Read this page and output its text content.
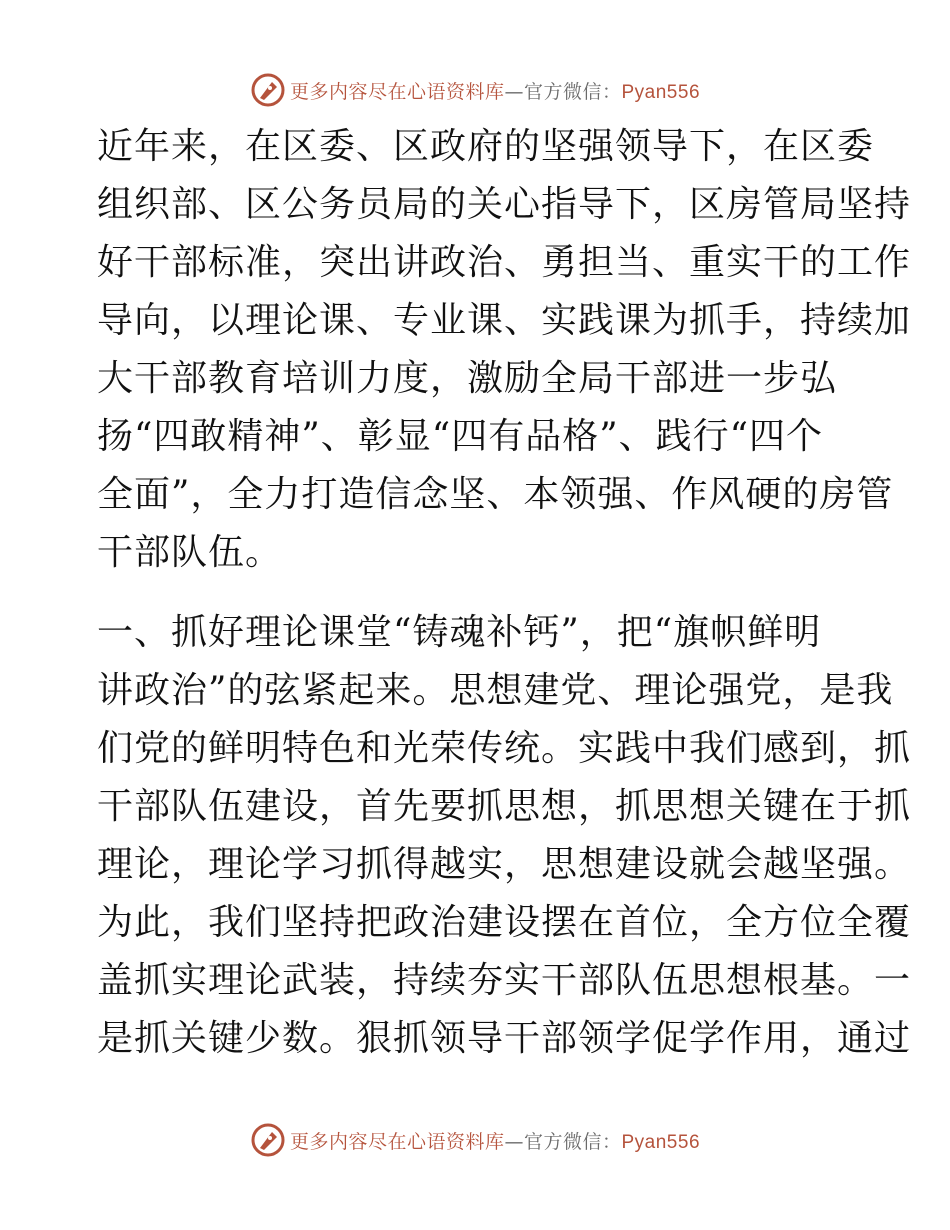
更多内容尽在心语资料库—官方微信：Pyan556
近年来，在区委、区政府的坚强领导下，在区委
组织部、区公务员局的关心指导下，区房管局坚持
好干部标准，突出讲政治、勇担当、重实干的工作
导向，以理论课、专业课、实践课为抓手，持续加
大干部教育培训力度，激励全局干部进一步弘
扬“四敢精神”、彰显“四有品格”、践行“四个
全面”，全力打造信念坚、本领强、作风硬的房管
干部队伍。
一、抓好理论课堂“铸魂补钙”，把“旗帜鲜明
讲政治”的弦紧起来。思想建党、理论强党，是我
们党的鲜明特色和光荣传统。实践中我们感到，抓
干部队伍建设，首先要抓思想，抓思想关键在于抓
理论，理论学习抓得越实，思想建设就会越坚强。
为此，我们坚持把政治建设摆在首位，全方位全覆
盖抓实理论武装，持续夯实干部队伍思想根基。一
是抓关键少数。狠抓领导干部领学促学作用，通过
更多内容尽在心语资料库—官方微信：Pyan556
